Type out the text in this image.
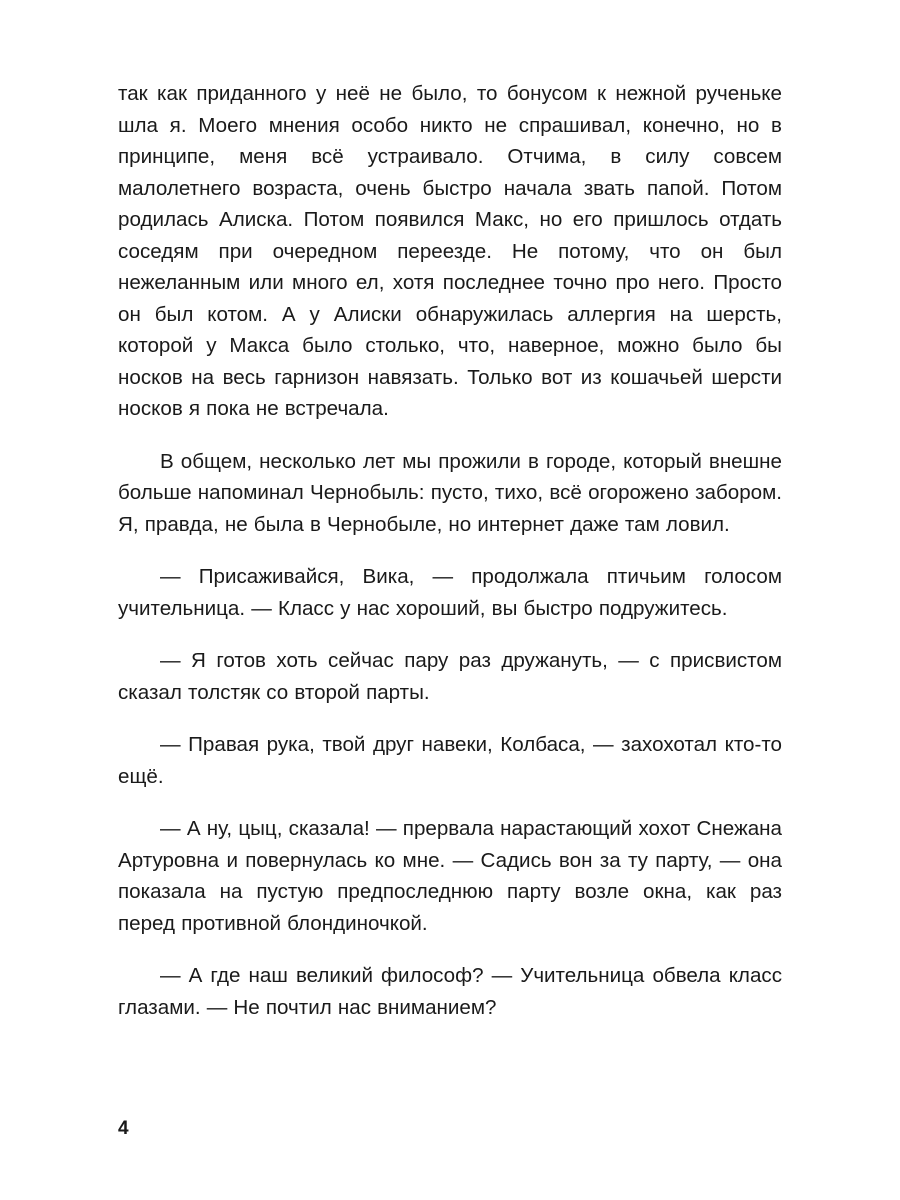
так как приданного у неё не было, то бонусом к нежной рученьке шла я. Моего мнения особо никто не спрашивал, конечно, но в принципе, меня всё устраивало. Отчима, в силу совсем малолетнего возраста, очень быстро начала звать папой. Потом родилась Алиска. Потом появился Макс, но его пришлось отдать соседям при очередном переезде. Не потому, что он был нежеланным или много ел, хотя последнее точно про него. Просто он был котом. А у Алиски обнаружилась аллергия на шерсть, которой у Макса было столько, что, наверное, можно было бы носков на весь гарнизон навязать. Только вот из кошачьей шерсти носков я пока не встречала.

В общем, несколько лет мы прожили в городе, который внешне больше напоминал Чернобыль: пусто, тихо, всё огорожено забором. Я, правда, не была в Чернобыле, но интернет даже там ловил.

— Присаживайся, Вика, — продолжала птичьим голосом учительница. — Класс у нас хороший, вы быстро подружитесь.

— Я готов хоть сейчас пару раз дружануть, — с присвистом сказал толстяк со второй парты.

— Правая рука, твой друг навеки, Колбаса, — захохотал кто-то ещё.

— А ну, цыц, сказала! — прервала нарастающий хохот Снежана Артуровна и повернулась ко мне. — Садись вон за ту парту, — она показала на пустую предпоследнюю парту возле окна, как раз перед противной блондиночкой.

— А где наш великий философ? — Учительница обвела класс глазами. — Не почтил нас вниманием?

4
